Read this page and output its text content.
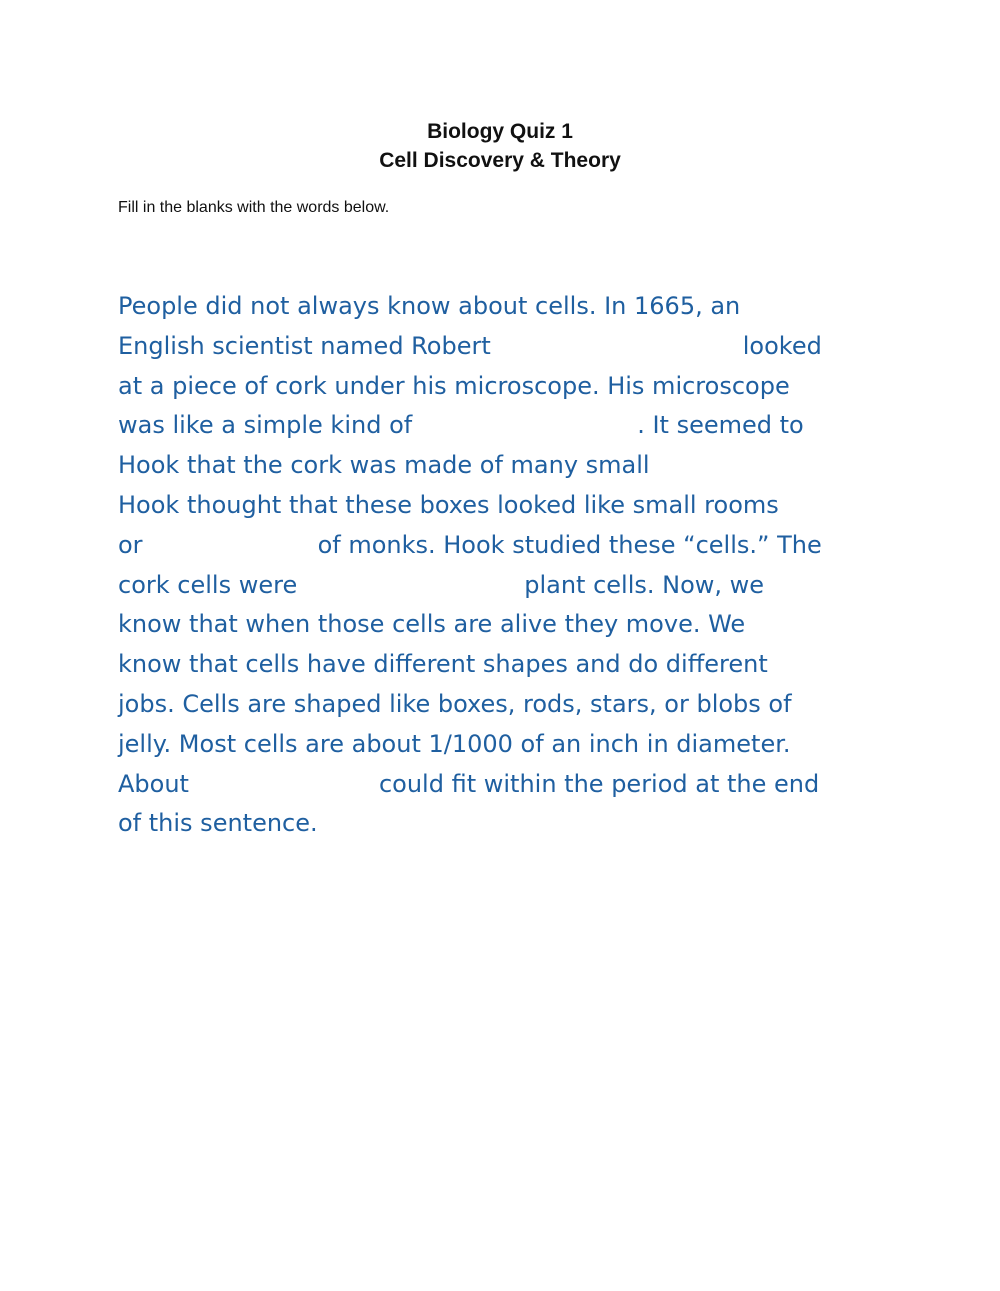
Biology Quiz 1
Cell Discovery & Theory
Fill in the blanks with the words below.
People did not always know about cells. In 1665, an
English scientist named Robert	looked
at a piece of cork under his microscope. His microscope
was like a simple kind of	. It seemed to
Hook that the cork was made of many small
Hook thought that these boxes looked like small rooms
or	of monks. Hook studied these “cells.” The
cork cells were	plant cells. Now, we
know that when those cells are alive they move. We
know that cells have different shapes and do different
jobs. Cells are shaped like boxes, rods, stars, or blobs of
jelly. Most cells are about 1/1000 of an inch in diameter.
About	could fit within the period at the end
of this sentence.
